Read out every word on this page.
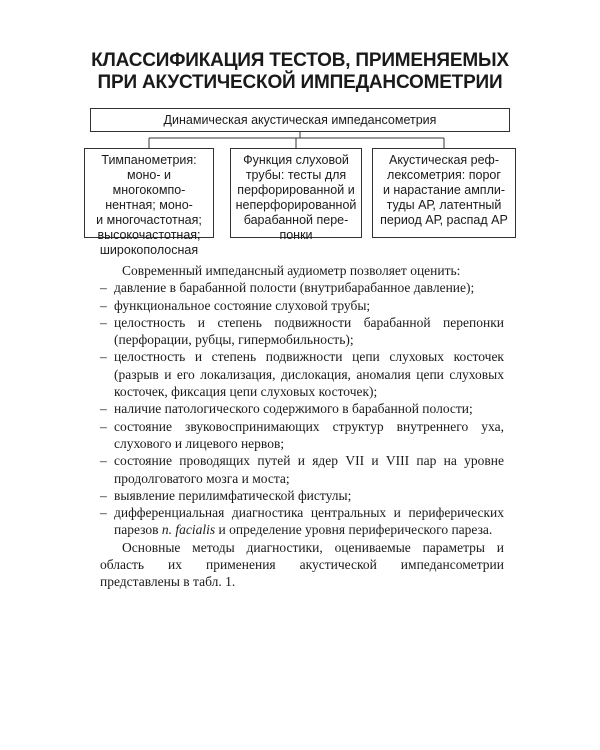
КЛАССИФИКАЦИЯ ТЕСТОВ, ПРИМЕНЯЕМЫХ
ПРИ АКУСТИЧЕСКОЙ ИМПЕДАНСОМЕТРИИ
Динамическая акустическая импедансометрия
Тимпанометрия:
моно- и многокомпо-
нентная; моно-
и многочастотная;
высокочастотная;
широкополосная
Функция слуховой
трубы: тесты для
перфорированной и
неперфорированной
барабанной пере-
понки
Акустическая реф-
лексометрия: порог
и нарастание ампли-
туды АР, латентный
период АР, распад АР

Современный импедансный аудиометр позволяет оценить:

– давление в барабанной полости (внутрибарабанное давление);
– функциональное состояние слуховой трубы;
– целостность и степень подвижности барабанной перепонки (перфорации, рубцы, гипермобильность);
– целостность и степень подвижности цепи слуховых косточек (разрыв и его локализация, дислокация, аномалия цепи слуховых косточек, фиксация цепи слуховых косточек);
– наличие патологического содержимого в барабанной полости;
– состояние звуковоспринимающих структур внутреннего уха, слухового и лицевого нервов;
– состояние проводящих путей и ядер VII и VIII пар на уровне продолговатого мозга и моста;
– выявление перилимфатической фистулы;
– дифференциальная диагностика центральных и периферических парезов n. facialis и определение уровня периферического пареза.

Основные методы диагностики, оцениваемые параметры и область их применения акустической импедансометрии представлены в табл. 1.
